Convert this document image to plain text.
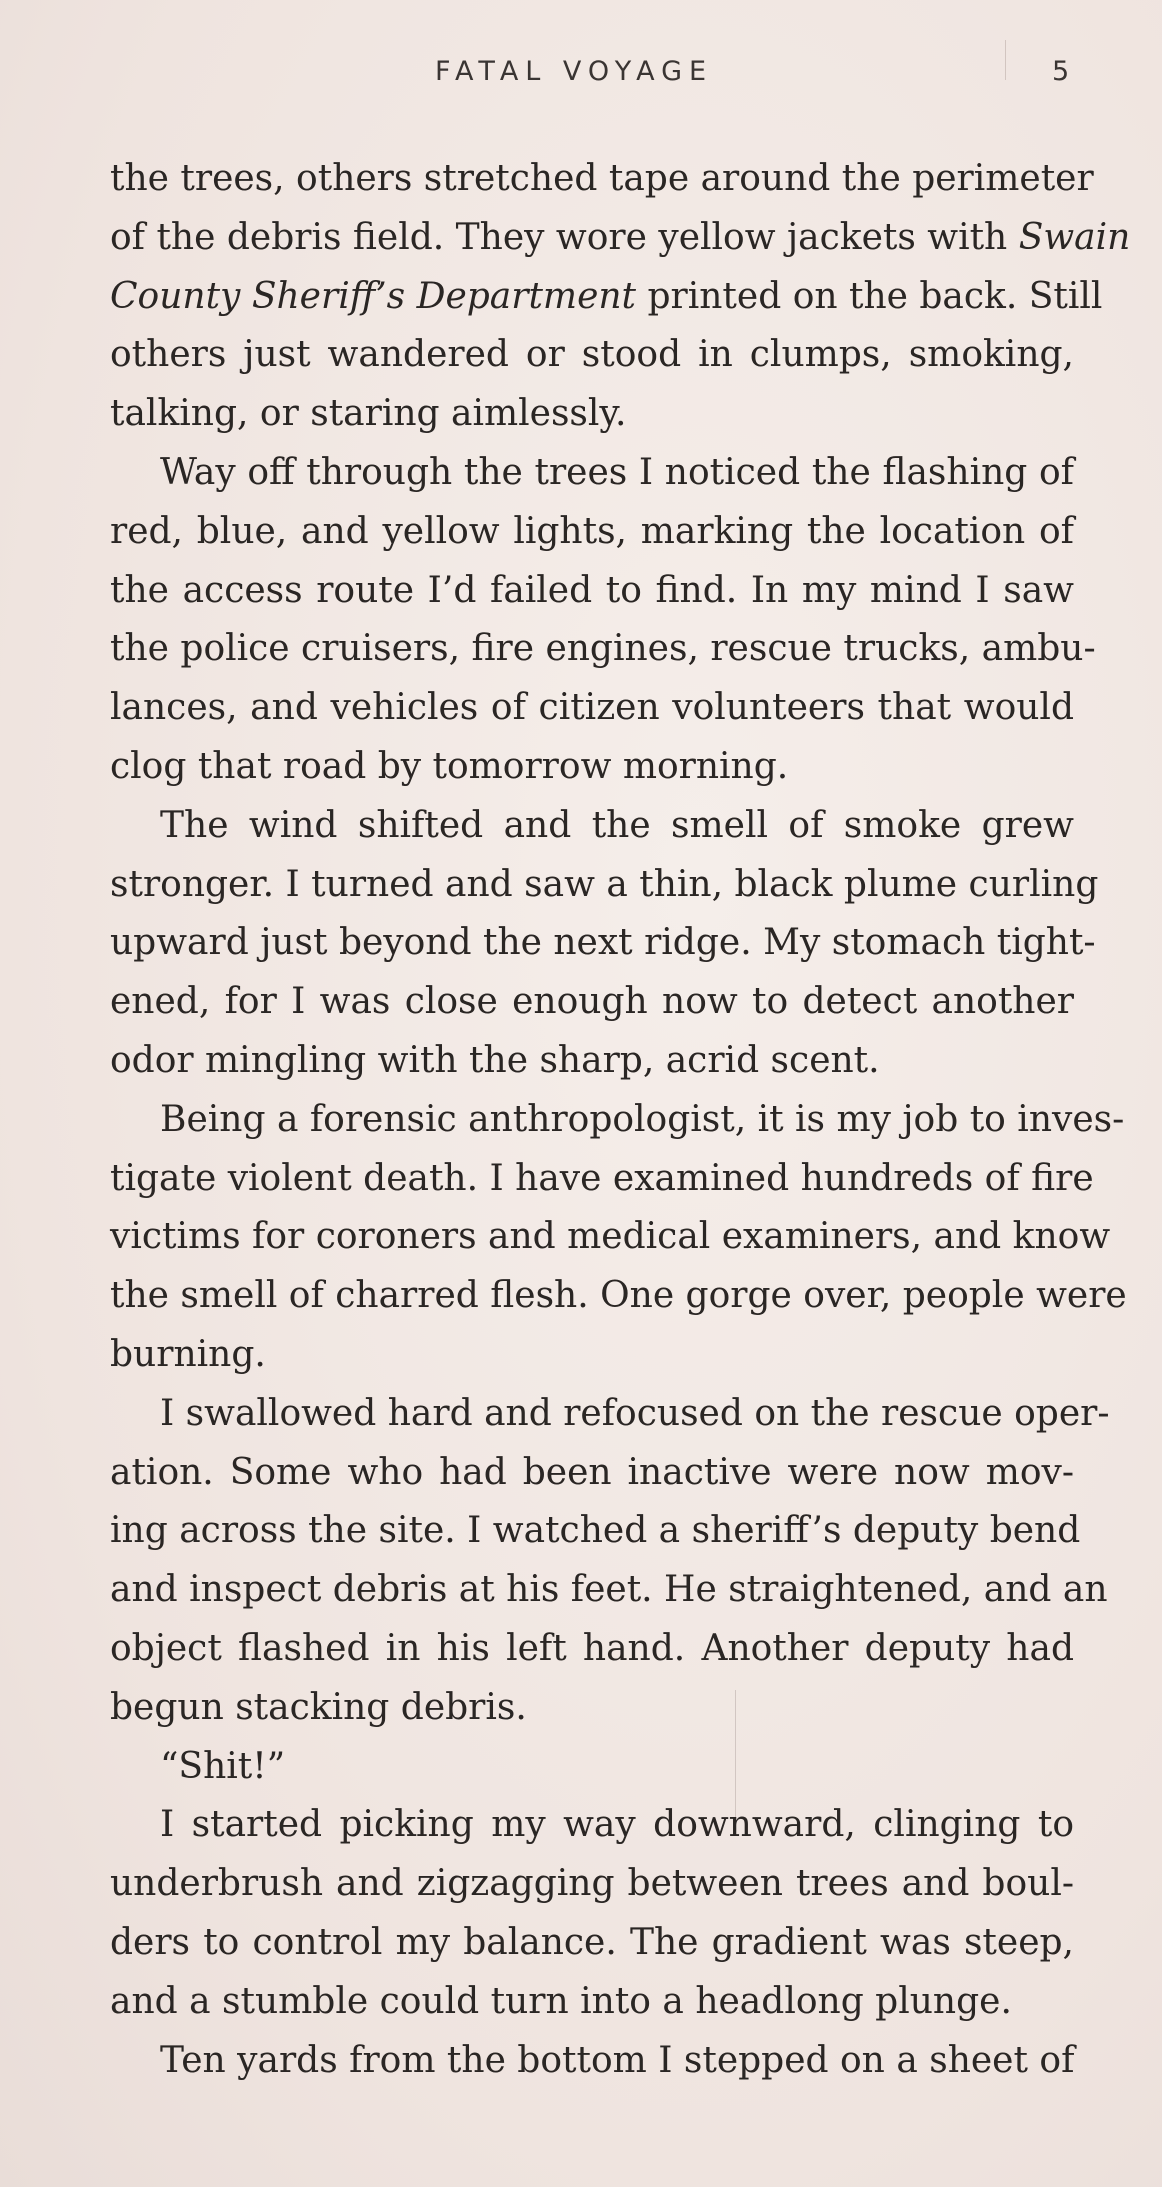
FATAL VOYAGE	5
the trees, others stretched tape around the perimeter
of the debris field. They wore yellow jackets with Swain
County Sheriff’s Department printed on the back. Still
others just wandered or stood in clumps, smoking,
talking, or staring aimlessly.
Way off through the trees I noticed the flashing of
red, blue, and yellow lights, marking the location of
the access route I’d failed to find. In my mind I saw
the police cruisers, fire engines, rescue trucks, ambu-
lances, and vehicles of citizen volunteers that would
clog that road by tomorrow morning.
The wind shifted and the smell of smoke grew
stronger. I turned and saw a thin, black plume curling
upward just beyond the next ridge. My stomach tight-
ened, for I was close enough now to detect another
odor mingling with the sharp, acrid scent.
Being a forensic anthropologist, it is my job to inves-
tigate violent death. I have examined hundreds of fire
victims for coroners and medical examiners, and know
the smell of charred flesh. One gorge over, people were
burning.
I swallowed hard and refocused on the rescue oper-
ation. Some who had been inactive were now mov-
ing across the site. I watched a sheriff’s deputy bend
and inspect debris at his feet. He straightened, and an
object flashed in his left hand. Another deputy had
begun stacking debris.
“Shit!”
I started picking my way downward, clinging to
underbrush and zigzagging between trees and boul-
ders to control my balance. The gradient was steep,
and a stumble could turn into a headlong plunge.
Ten yards from the bottom I stepped on a sheet of
